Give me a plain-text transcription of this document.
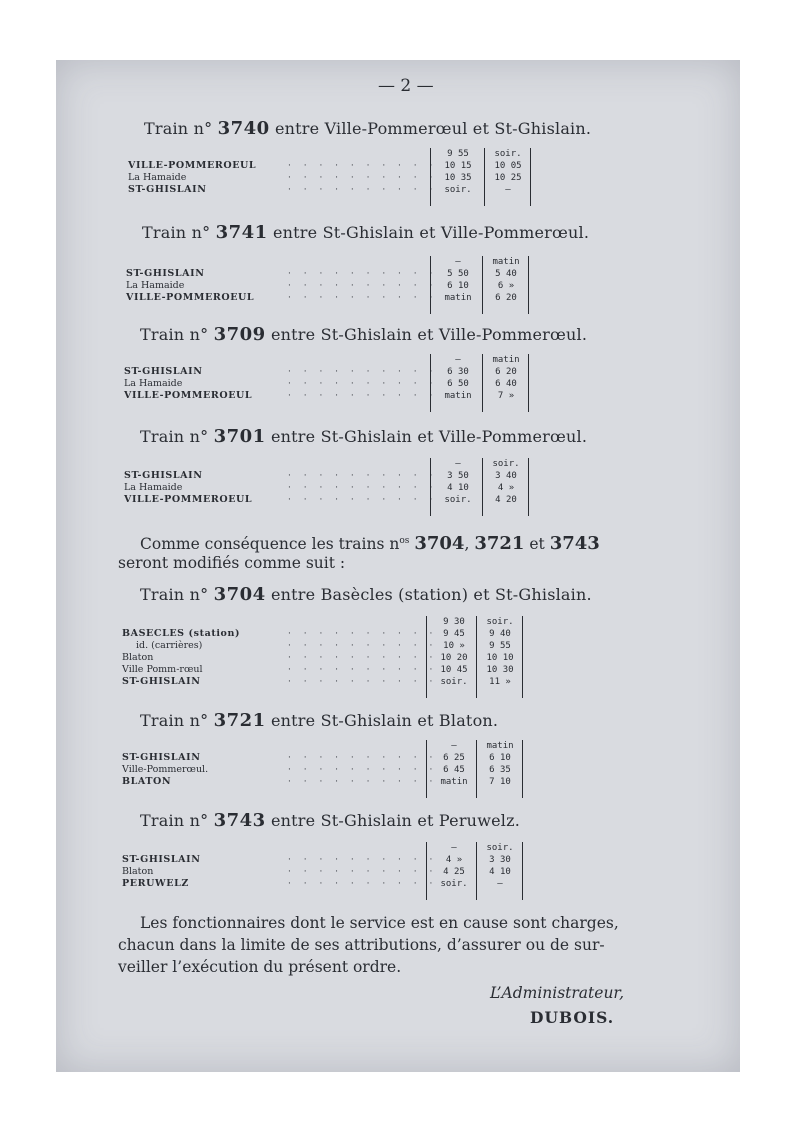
— 2 —
Train n° 3740 entre Ville-Pommerœul et St-Ghislain.
VILLE-POMMEROEUL
La Hamaide
ST-GHISLAIN
· · · · · · · · · ·
· · · · · · · · · ·
· · · · · · · · · ·
9 55
10 15
10 35
soir.
soir.
10 05
10 25
—
Train n° 3741 entre St-Ghislain et Ville-Pommerœul.
ST-GHISLAIN
La Hamaide
VILLE-POMMEROEUL
· · · · · · · · · ·
· · · · · · · · · ·
· · · · · · · · · ·
—
5 50
6 10
matin
matin
5 40
6 »
6 20
Train n° 3709 entre St-Ghislain et Ville-Pommerœul.
ST-GHISLAIN
La Hamaide
VILLE-POMMEROEUL
· · · · · · · · · ·
· · · · · · · · · ·
· · · · · · · · · ·
—
6 30
6 50
matin
matin
6 20
6 40
7 »
Train n° 3701 entre St-Ghislain et Ville-Pommerœul.
ST-GHISLAIN
La Hamaide
VILLE-POMMEROEUL
· · · · · · · · · ·
· · · · · · · · · ·
· · · · · · · · · ·
—
3 50
4 10
soir.
soir.
3 40
4 »
4 20
Comme conséquence les trains $n^{os}$ 3704, 3721 et 3743
seront modifiés comme suit :
Train n° 3704 entre Basècles (station) et St-Ghislain.
BASECLES (station)
id. (carrières)
Blaton
Ville Pomm-rœul
ST-GHISLAIN
· · · · · · · · · ·
· · · · · · · · · ·
· · · · · · · · · ·
· · · · · · · · · ·
· · · · · · · · · ·
9 30
9 45
10 »
10 20
10 45
soir.
soir.
9 40
9 55
10 10
10 30
11 »
Train n° 3721 entre St-Ghislain et Blaton.
ST-GHISLAIN
Ville-Pommerœul.
BLATON
· · · · · · · · · ·
· · · · · · · · · ·
· · · · · · · · · ·
—
6 25
6 45
matin
matin
6 10
6 35
7 10
Train n° 3743 entre St-Ghislain et Peruwelz.
ST-GHISLAIN
Blaton
PERUWELZ
· · · · · · · · · ·
· · · · · · · · · ·
· · · · · · · · · ·
—
4 »
4 25
soir.
soir.
3 30
4 10
—
Les fonctionnaires dont le service est en cause sont charges,
chacun dans la limite de ses attributions, d’assurer ou de sur-
veiller l’exécution du présent ordre.
L’Administrateur,
DUBOIS.
